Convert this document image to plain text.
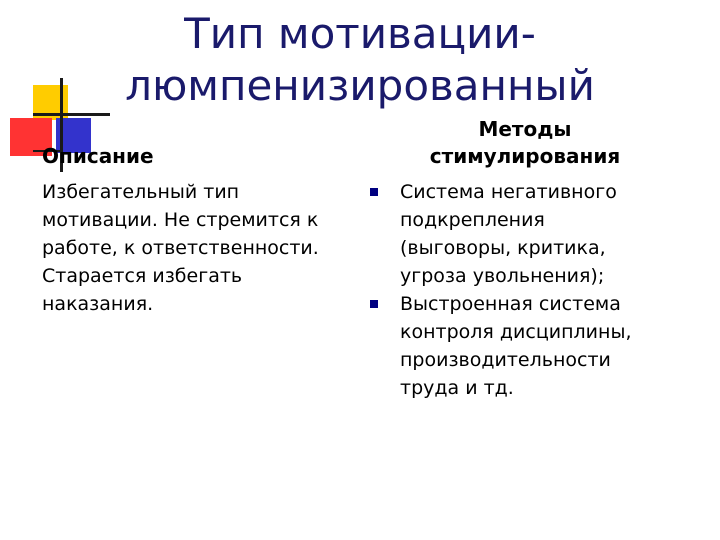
Тип мотивации-
люмпенизированный
Описание
Избегательный тип
мотивации. Не стремится к
работе, к ответственности.
Старается избегать
наказания.
Методы
стимулирования
Система негативного
подкрепления
(выговоры, критика,
угроза увольнения);
Выстроенная система
контроля дисциплины,
производительности
труда и тд.
